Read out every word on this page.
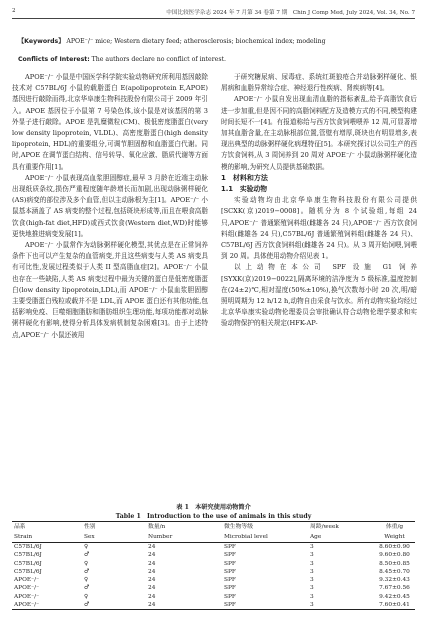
2	中国比较医学杂志 2024 年 7 月第 34 卷第 7 期　Chin J Comp Med, July 2024, Vol. 34, No. 7
【Keywords】 APOE⁻/⁻ mice; Western dietary feed; atherosclerosis; biochemical index; modeling
Conflicts of Interest: The authors declare no conflict of interest.

APOE⁻/⁻ 小鼠是中国医学科学院实验动物研究所利用基因敲除技术对 C57BL/6J 小鼠的载脂蛋白 E(apolipoprotein E,APOE)基因进行敲除而得,北京华阜康生物科技股份有限公司于 2009 年引入。APOE 基因位于小鼠第 7 号染色体,该小鼠是对该基因的第 3 外显子进行敲除。APOE 是乳糜微粒(CM)、极低密度脂蛋白(very low density lipoprotein, VLDL)、高密度脂蛋白(high density lipoprotein, HDL)的重要组分,可调节胆固醇和血脂蛋白代谢。同时,APOE 在调节蛋白结构、信号转导、氧化应激、脂质代谢等方面具有重要作用[1]。

APOE⁻/⁻ 小鼠表现高血浆胆固醇症,最早 3 月龄在近端主动脉出现纸质条纹,损伤严重程度随年龄增长而加剧,出现动脉粥样硬化(AS)病变的部位涉及多个血管,但以主动脉根为主[1]。APOE⁻/⁻ 小鼠基本涵盖了 AS 病变的整个过程,包括斑块形成等,而且在喂食高脂饮食(high-fat diet,HFD)或西式饮食(Western diet,WD)时能够更快地推进病变发展[1]。

APOE⁻/⁻ 小鼠常作为动脉粥样硬化模型,其优点是在正常饲养条件下也可以产生复杂的血管病变,并且这些病变与人类 AS 病变具有可比性,发展过程类似于人类 II 型高脂血症[2]。APOE⁻/⁻ 小鼠也存在一些缺陷,人类 AS 病变过程中最为关键的蛋白是低密度脂蛋白(low density lipoprotein,LDL),而 APOE⁻/⁻ 小鼠血浆胆固醇主要受脂蛋白残粒或载并不是 LDL,而 APOE 蛋白还有其他功能,包括影响免疫、巨噬细胞脂肪和脂肪组织生理功能,每项功能都对动脉粥样硬化有影响,使得分析具体发病机制复杂困难[3]。由于上述特点,APOE⁻/⁻ 小鼠还被用

于研究糖尿病、尿毒症、系统红斑狼疮合并动脉粥样硬化、银屑病和血脂异常综合症、神经退行性疾病、肾疾病等[4]。

APOE⁻/⁻ 小鼠自发出现血清血脂的指标紊乱,给予高脂饮食后进一步加重,但是因不同的高脂饲料配方及造模方式的不同,模型构建时间长短不一[4]。有报道称给与西方饮食饲喂喂养 12 周,可显著增加其血脂含量,在主动脉根部位置,管壁有增厚,斑块也有明显增多,表现出典型的动脉粥样硬化病理特征[5]。本研究探讨以公司生产的西方饮食饲料,从 3 周饲养到 20 周对 APOE⁻/⁻ 小鼠动脉粥样硬化造模的影响,为研究人员提供基础数据。

1　材料和方法

1.1　实验动物

实验动物均由北京华阜康生物科技股份有限公司提供[SCXK(京)2019−0008]。随机分为 8 个试验组,每组 24 只,APOE⁻/⁻ 普通繁殖饲料组(雌雄各 24 只),APOE⁻/⁻ 西方饮食饲料组(雌雄各 24 只),C57BL/6J 普通繁殖饲料组(雌雄各 24 只)、C57BL/6J 西方饮食饲料组(雌雄各 24 只)。从 3 周开始饲喂,饲喂到 20 周。具体使用动物介绍见表 1。

以上动物在本公司 SPF 设施 G1 饲养[SYXK(京)2019−0022],隔离环境的洁净度为 5 级标准,温度控制在(24±2)℃,相对湿度(50%±10%),换气次数每小时 20 次,明/暗照明周期为 12 h/12 h,动物自由采食与饮水。所有动物实验均经过北京华阜康实验动物伦理委员会审批确认符合动物伦理学要求和实验动物保护的相关规定(HFK-AP-

表 1　本研究使用动物简介
Table 1　Introduction to the use of animals in this study
品系	性别	数量/n	微生物等级	周龄/week	体重/g
Strain	Sex	Number	Microbial level	Age	Weight
C57BL/6J	♀	24	SPF	3	8.60±0.90
C57BL/6J	♂	24	SPF	3	9.60±0.80
C57BL/6J	♀	24	SPF	3	8.50±0.85
C57BL/6J	♂	24	SPF	3	8.45±0.70
APOE⁻/⁻	♀	24	SPF	3	9.32±0.43
APOE⁻/⁻	♂	24	SPF	3	7.67±0.56
APOE⁻/⁻	♀	24	SPF	3	9.42±0.45
APOE⁻/⁻	♂	24	SPF	3	7.60±0.41
